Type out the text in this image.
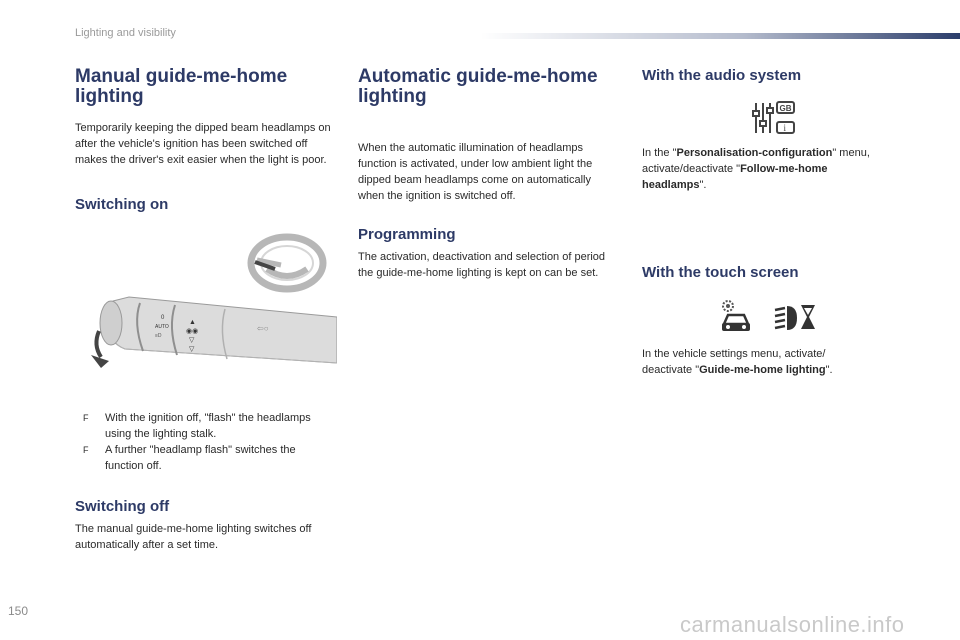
Lighting and visibility
Manual guide-me-home lighting

Temporarily keeping the dipped beam headlamps on after the vehicle's ignition has been switched off makes the driver's exit easier when the light is poor.

Switching on
AUTO
0
≡D
▲
◉◉
▽
▽
⇦○
F	With the ignition off, "flash" the headlamps using the lighting stalk.
F	A further "headlamp flash" switches the function off.
Switching off

The manual guide-me-home lighting switches off automatically after a set time.

Automatic guide-me-home lighting

When the automatic illumination of headlamps function is activated, under low ambient light the dipped beam headlamps come on automatically when the ignition is switched off.

Programming

The activation, deactivation and selection of period the guide-me-home lighting is kept on can be set.

With the audio system
GB
i

In the "Personalisation-configuration" menu, activate/deactivate "Follow-me-home headlamps".

With the touch screen

In the vehicle settings menu, activate/ deactivate "Guide-me-home lighting".

150
carmanualsonline.info
